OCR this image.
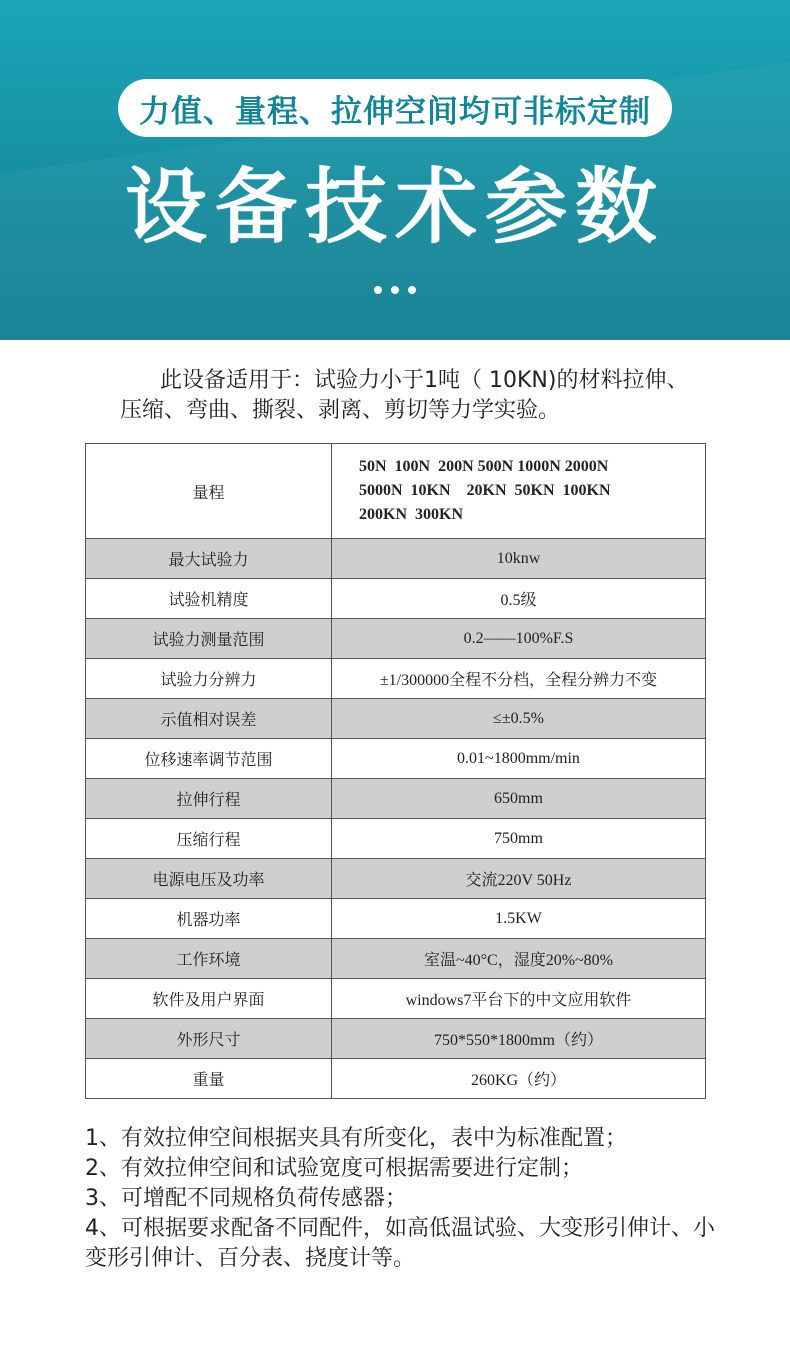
力值、量程、拉伸空间均可非标定制
设备技术参数

此设备适用于：试验力小于1吨（ 10KN)的材料拉伸、压缩、弯曲、撕裂、剥离、剪切等力学实验。

量程	50N  100N  200N 500N 1000N 2000N
5000N  10KN    20KN  50KN  100KN
200KN  300KN

最大试验力	10knw
试验机精度	0.5级
试验力测量范围	0.2——100%F.S
试验力分辨力	±1/300000全程不分档，全程分辨力不变
示值相对误差	≤±0.5%
位移速率调节范围	0.01~1800mm/min
拉伸行程	650mm
压缩行程	750mm
电源电压及功率	交流220V 50Hz
机器功率	1.5KW
工作环境	室温~40°C，湿度20%~80%
软件及用户界面	windows7平台下的中文应用软件
外形尺寸	750*550*1800mm（约）
重量	260KG（约）

1、有效拉伸空间根据夹具有所变化，表中为标准配置；

2、有效拉伸空间和试验宽度可根据需要进行定制；

3、可增配不同规格负荷传感器；

4、可根据要求配备不同配件，如高低温试验、大变形引伸计、小变形引伸计、百分表、挠度计等。
